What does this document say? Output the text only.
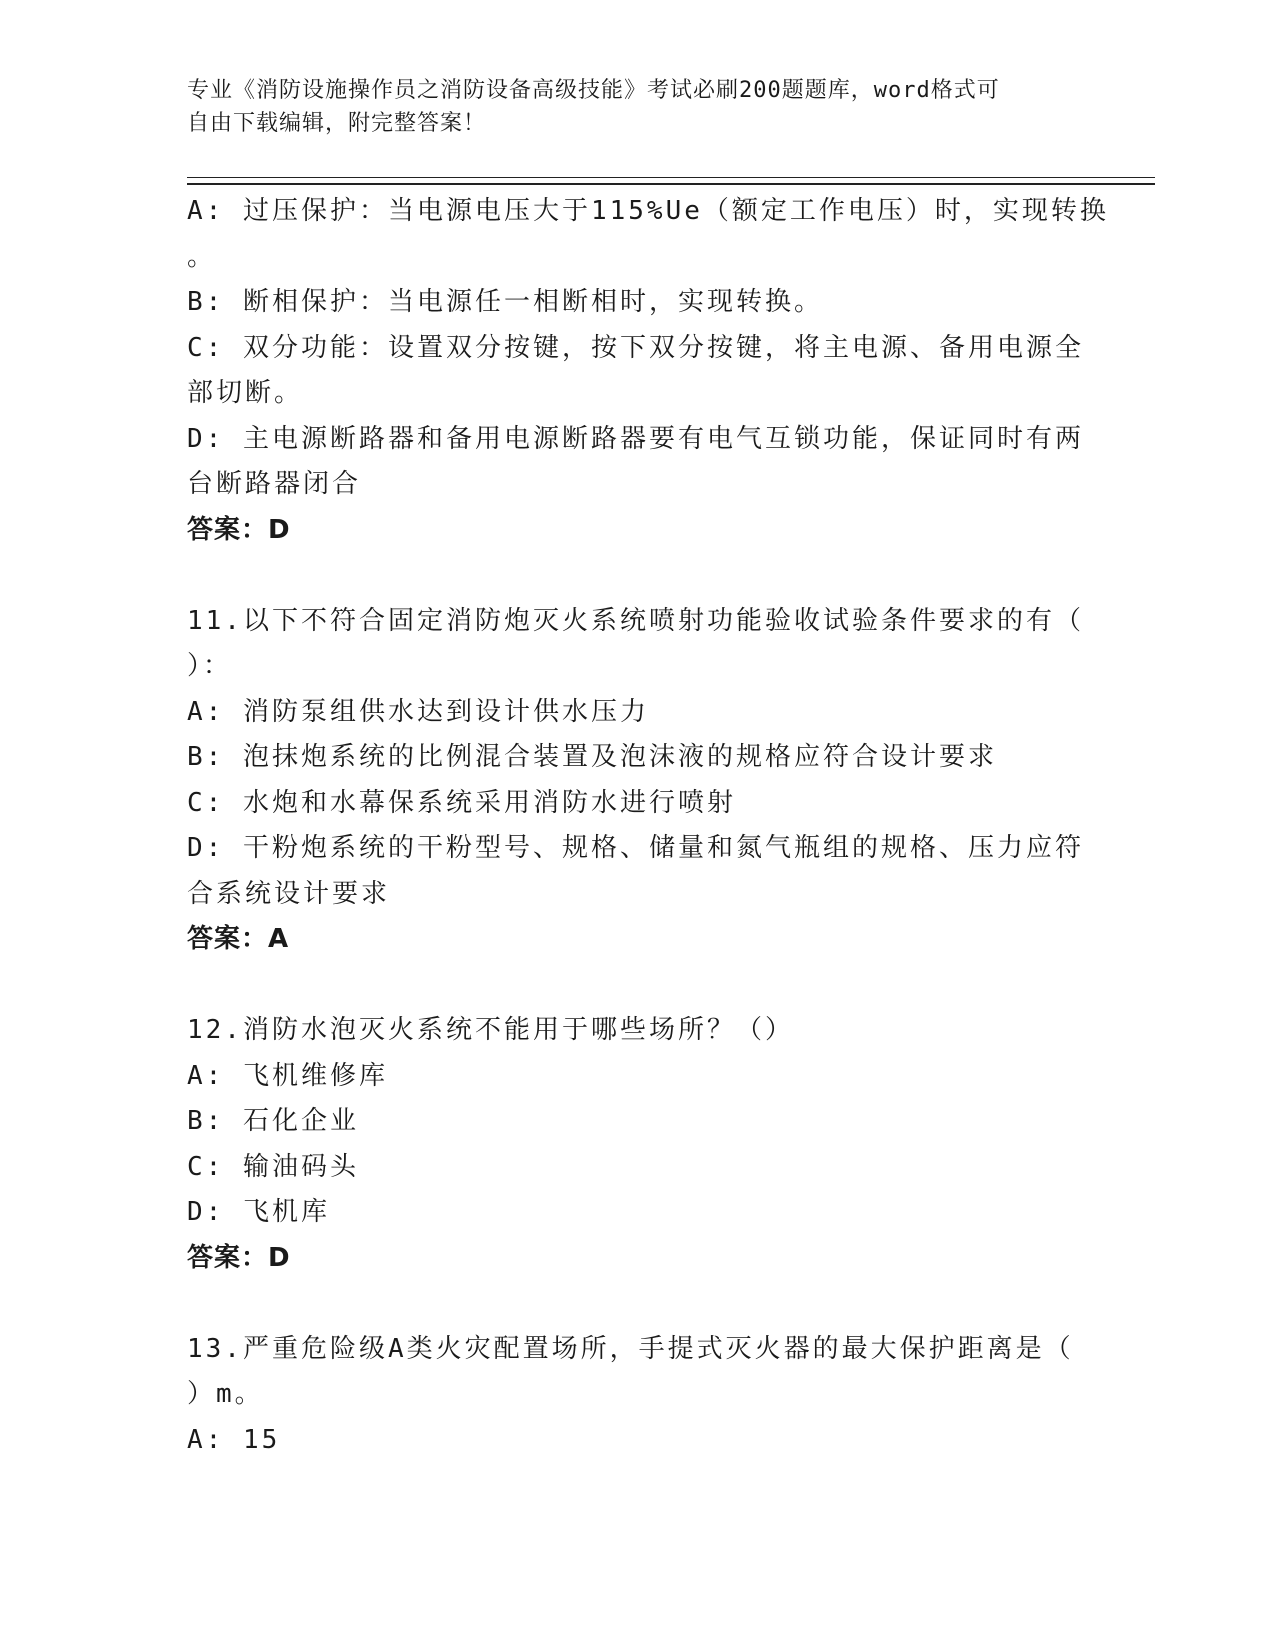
专业《消防设施操作员之消防设备高级技能》考试必刷200题题库，word格式可
自由下载编辑，附完整答案！
A: 过压保护：当电源电压大于115%Ue（额定工作电压）时，实现转换
。
B: 断相保护：当电源任一相断相时，实现转换。
C: 双分功能：设置双分按键，按下双分按键，将主电源、备用电源全
部切断。
D: 主电源断路器和备用电源断路器要有电气互锁功能，保证同时有两
台断路器闭合
答案：D
11.以下不符合固定消防炮灭火系统喷射功能验收试验条件要求的有（
）：
A: 消防泵组供水达到设计供水压力
B: 泡抹炮系统的比例混合装置及泡沫液的规格应符合设计要求
C: 水炮和水幕保系统采用消防水进行喷射
D: 干粉炮系统的干粉型号、规格、储量和氮气瓶组的规格、压力应符
合系统设计要求
答案：A
12.消防水泡灭火系统不能用于哪些场所？（）
A: 飞机维修库
B: 石化企业
C: 输油码头
D: 飞机库
答案：D
13.严重危险级A类火灾配置场所，手提式灭火器的最大保护距离是（
）m。
A: 15
